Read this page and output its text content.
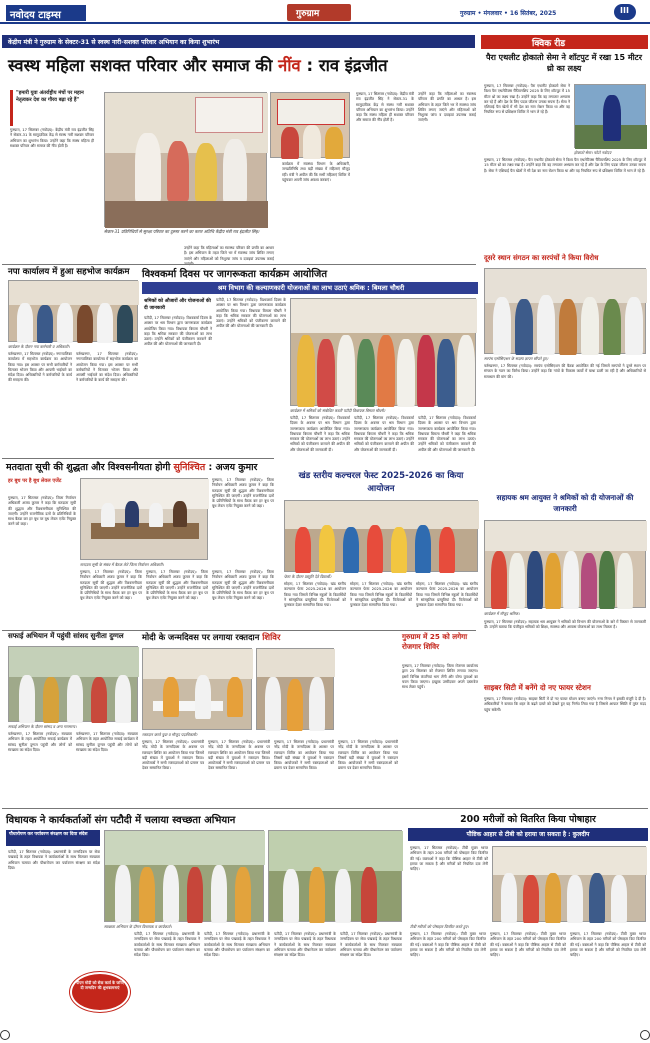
नवोदय टाइम्स	गुरुग्राम	गुरुग्राम • मंगलवार • 16 सितंबर, 2025	III
केंद्रीय मंत्री ने गुरुग्राम के सेक्टर-31 से स्वस्थ नारी-सशक्त परिवार अभियान का किया शुभारंभ
स्वस्थ महिला सशक्त परिवार और समाज की नींव : राव इंद्रजीत
"हमारी युवा अंतर्राष्ट्रीय मंचों पर महान नेतृत्वकर देश का गौरव बढ़ा रहे हैं"
गुरुग्राम, 17 सितम्बर (नवोदय): केंद्रीय मंत्री राव इंद्रजीत सिंह ने सेक्टर-31 के सामुदायिक केंद्र से स्वस्थ नारी सशक्त परिवार अभियान का शुभारंभ किया। उन्होंने कहा कि स्वस्थ महिला ही सशक्त परिवार और समाज की नींव होती है।
सेक्टर-31 प्रतिनिधियों से सुरक्षा परिवार का दुरुस्त करने का करार अतिथि केंद्रीय मंत्री राव इंद्रजीत सिंह।
उन्होंने कहा कि महिलाओं का स्वास्थ्य परिवार की प्रगति का आधार है। इस अभियान के तहत जिले भर में स्वास्थ्य जांच शिविर लगाए जाएंगे और महिलाओं को निशुल्क जांच व दवाइयां उपलब्ध कराई
कार्यक्रम में स्वास्थ्य विभाग के अधिकारी, जनप्रतिनिधि तथा बड़ी संख्या में महिलाएं मौजूद रहीं। मंत्री ने अपील की कि सभी महिलाएं शिविर में पहुंचकर अपनी जांच अवश्य करवाएं।
गुरुग्राम, 17 सितम्बर (नवोदय): केंद्रीय मंत्री राव इंद्रजीत सिंह ने सेक्टर-31 के सामुदायिक केंद्र से स्वस्थ नारी सशक्त परिवार अभियान का शुभारंभ किया। उन्होंने कहा कि स्वस्थ महिला ही सशक्त परिवार और समाज की नींव होती है।
उन्होंने कहा कि महिलाओं का स्वास्थ्य परिवार की प्रगति का आधार है। इस अभियान के तहत जिले भर में स्वास्थ्य जांच शिविर लगाए जाएंगे और महिलाओं को निशुल्क जांच व दवाइयां उपलब्ध कराई जाएंगी।
क्विक रीड
पैरा एथलीट होकातो सेमा ने शॉटपुट में रखा 15 मीटर थ्रो का लक्ष्य
गुरुग्राम, 17 सितम्बर (नवोदय): पैरा एथलीट होकातो सेमा ने विश्व पैरा एथलेटिक्स चैंपियनशिप 2025 के लिए शॉटपुट में 15 मीटर थ्रो का लक्ष्य रखा है। उन्होंने कहा कि वह लगातार अभ्यास कर रहे हैं और देश के लिए पदक जीतना उनका सपना है। सेमा ने एशियाई पैरा खेलों में भी देश का नाम रोशन किया था और वह नियमित रूप से प्रशिक्षण शिविर में भाग ले रहे हैं।
होकातो सेमा। फोटो नवोदय
गुरुग्राम, 17 सितम्बर (नवोदय): पैरा एथलीट होकातो सेमा ने विश्व पैरा एथलेटिक्स चैंपियनशिप 2025 के लिए शॉटपुट में 15 मीटर थ्रो का लक्ष्य रखा है। उन्होंने कहा कि वह लगातार अभ्यास कर रहे हैं और देश के लिए पदक जीतना उनका सपना है। सेमा ने एशियाई पैरा खेलों में भी देश का नाम रोशन किया था और वह नियमित रूप से प्रशिक्षण शिविर में भाग ले रहे हैं।
दूसरे स्थान संगठन का सरपंचों ने किया विरोध
सरपंच एसोसिएशन के सदस्य ज्ञापन सौंपते हुए।
फर्रुखनगर, 17 सितम्बर (नवोदय): सरपंच एसोसिएशन की बैठक आयोजित की गई जिसमें सरपंचों ने दूसरे स्थान पर संगठन के गठन का विरोध किया। उन्होंने कहा कि गांवों के विकास कार्यों में बाधा डाली जा रही है और अधिकारियों से समाधान की मांग की।
सहायक श्रम आयुक्त ने श्रमिकों को दी योजनाओं की जानकारी
कार्यक्रम में मौजूद श्रमिक।
गुरुग्राम, 17 सितम्बर (नवोदय): सहायक श्रम आयुक्त ने श्रमिकों को विभाग की योजनाओं के बारे में विस्तार से जानकारी दी। उन्होंने बताया कि पंजीकृत श्रमिकों को शिक्षा, स्वास्थ्य और आवास योजनाओं का लाभ मिलता है।
साइबर सिटी में बनेंगे दो नए फायर स्टेशन
गुरुग्राम, 17 सितम्बर (नवोदय): साइबर सिटी में दो नए फायर स्टेशन बनाए जाएंगे। नगर निगम ने इसकी मंजूरी दे दी है। अधिकारियों ने बताया कि शहर के बढ़ते दायरे को देखते हुए यह निर्णय लिया गया है जिससे आपात स्थिति में तुरंत मदद पहुंच सकेगी।
नपा कार्यालय में हुआ सहभोज कार्यक्रम
कार्यक्रम के दौरान नपा कर्मचारी व अधिकारी।
फर्रुखनगर, 17 सितम्बर (नवोदय): नगरपालिका कार्यालय में सहभोज कार्यक्रम का आयोजन किया गया। इस अवसर पर सभी कर्मचारियों ने मिलकर भोजन किया और आपसी भाईचारे का संदेश दिया। अधिकारियों ने कर्मचारियों के कार्य की सराहना की।
फर्रुखनगर, 17 सितम्बर (नवोदय): नगरपालिका कार्यालय में सहभोज कार्यक्रम का आयोजन किया गया। इस अवसर पर सभी कर्मचारियों ने मिलकर भोजन किया और आपसी भाईचारे का संदेश दिया। अधिकारियों ने कर्मचारियों के कार्य की सराहना की।
विश्वकर्मा दिवस पर जागरूकता कार्यक्रम आयोजित
श्रम विभाग की कल्याणकारी योजनाओं का लाभ उठाएं श्रमिक : बिमला चौधरी
श्रमिकों को औजारों और योजनाओं की दी जानकारी
पटौदी, 17 सितम्बर (नवोदय): विश्वकर्मा दिवस के अवसर पर श्रम विभाग द्वारा जागरूकता कार्यक्रम आयोजित किया गया। विधायक बिमला चौधरी ने कहा कि श्रमिक सरकार की योजनाओं का लाभ उठाएं। उन्होंने श्रमिकों को पंजीकरण करवाने की अपील की और योजनाओं की जानकारी दी।
पटौदी, 17 सितम्बर (नवोदय): विश्वकर्मा दिवस के अवसर पर श्रम विभाग द्वारा जागरूकता कार्यक्रम आयोजित किया गया। विधायक बिमला चौधरी ने कहा कि श्रमिक सरकार की योजनाओं का लाभ उठाएं। उन्होंने श्रमिकों को पंजीकरण करवाने की अपील की और योजनाओं की जानकारी दी।
कार्यक्रम में श्रमिकों को संबोधित करती पटौदी विधायक बिमला चौधरी।
पटौदी, 17 सितम्बर (नवोदय): विश्वकर्मा दिवस के अवसर पर श्रम विभाग द्वारा जागरूकता कार्यक्रम आयोजित किया गया। विधायक बिमला चौधरी ने कहा कि श्रमिक सरकार की योजनाओं का लाभ उठाएं। उन्होंने श्रमिकों को पंजीकरण करवाने की अपील की और योजनाओं की जानकारी दी।
पटौदी, 17 सितम्बर (नवोदय): विश्वकर्मा दिवस के अवसर पर श्रम विभाग द्वारा जागरूकता कार्यक्रम आयोजित किया गया। विधायक बिमला चौधरी ने कहा कि श्रमिक सरकार की योजनाओं का लाभ उठाएं। उन्होंने श्रमिकों को पंजीकरण करवाने की अपील की और योजनाओं की जानकारी दी।
पटौदी, 17 सितम्बर (नवोदय): विश्वकर्मा दिवस के अवसर पर श्रम विभाग द्वारा जागरूकता कार्यक्रम आयोजित किया गया। विधायक बिमला चौधरी ने कहा कि श्रमिक सरकार की योजनाओं का लाभ उठाएं। उन्होंने श्रमिकों को पंजीकरण करवाने की अपील की और योजनाओं की जानकारी दी।
मतदाता सूची की शुद्धता और विश्वसनीयता होगी सुनिश्चित : अजय कुमार
हर बूथ पर है बूथ लेवल एजेंट
गुरुग्राम, 17 सितम्बर (नवोदय): जिला निर्वाचन अधिकारी अजय कुमार ने कहा कि मतदाता सूची की शुद्धता और विश्वसनीयता सुनिश्चित की जाएगी। उन्होंने राजनीतिक दलों के प्रतिनिधियों के साथ बैठक कर हर बूथ पर बूथ लेवल एजेंट नियुक्त करने को कहा।
मतदाता सूची के संबंध में बैठक लेते जिला निर्वाचन अधिकारी।
गुरुग्राम, 17 सितम्बर (नवोदय): जिला निर्वाचन अधिकारी अजय कुमार ने कहा कि मतदाता सूची की शुद्धता और विश्वसनीयता सुनिश्चित की जाएगी। उन्होंने राजनीतिक दलों के प्रतिनिधियों के साथ बैठक कर हर बूथ पर बूथ लेवल एजेंट नियुक्त करने को कहा।
गुरुग्राम, 17 सितम्बर (नवोदय): जिला निर्वाचन अधिकारी अजय कुमार ने कहा कि मतदाता सूची की शुद्धता और विश्वसनीयता सुनिश्चित की जाएगी। उन्होंने राजनीतिक दलों के प्रतिनिधियों के साथ बैठक कर हर बूथ पर बूथ लेवल एजेंट नियुक्त करने को कहा।
गुरुग्राम, 17 सितम्बर (नवोदय): जिला निर्वाचन अधिकारी अजय कुमार ने कहा कि मतदाता सूची की शुद्धता और विश्वसनीयता सुनिश्चित की जाएगी। उन्होंने राजनीतिक दलों के प्रतिनिधियों के साथ बैठक कर हर बूथ पर बूथ लेवल एजेंट नियुक्त करने को कहा।
गुरुग्राम, 17 सितम्बर (नवोदय): जिला निर्वाचन अधिकारी अजय कुमार ने कहा कि मतदाता सूची की शुद्धता और विश्वसनीयता सुनिश्चित की जाएगी। उन्होंने राजनीतिक दलों के प्रतिनिधियों के साथ बैठक कर हर बूथ पर बूथ लेवल एजेंट नियुक्त करने को कहा।
खंड स्तरीय कल्चरल फेस्ट 2025-2026 का किया आयोजन
फेस्ट के दौरान प्रस्तुति देते विद्यार्थी।
सोहना, 17 सितम्बर (नवोदय): खंड स्तरीय कल्चरल फेस्ट 2025-2026 का आयोजन किया गया जिसमें विभिन्न स्कूलों के विद्यार्थियों ने सांस्कृतिक प्रस्तुतियां दीं। विजेताओं को पुरस्कार देकर सम्मानित किया गया।
सोहना, 17 सितम्बर (नवोदय): खंड स्तरीय कल्चरल फेस्ट 2025-2026 का आयोजन किया गया जिसमें विभिन्न स्कूलों के विद्यार्थियों ने सांस्कृतिक प्रस्तुतियां दीं। विजेताओं को पुरस्कार देकर सम्मानित किया गया।
सोहना, 17 सितम्बर (नवोदय): खंड स्तरीय कल्चरल फेस्ट 2025-2026 का आयोजन किया गया जिसमें विभिन्न स्कूलों के विद्यार्थियों ने सांस्कृतिक प्रस्तुतियां दीं। विजेताओं को पुरस्कार देकर सम्मानित किया गया।
सफाई अभियान में पहुंची सांसद सुनीता दुग्गल
सफाई अभियान के दौरान सांसद व अन्य गणमान्य।
फर्रुखनगर, 17 सितम्बर (नवोदय): स्वच्छता अभियान के तहत आयोजित सफाई कार्यक्रम में सांसद सुनीता दुग्गल पहुंची और लोगों को स्वच्छता का संदेश दिया।
फर्रुखनगर, 17 सितम्बर (नवोदय): स्वच्छता अभियान के तहत आयोजित सफाई कार्यक्रम में सांसद सुनीता दुग्गल पहुंची और लोगों को स्वच्छता का संदेश दिया।
मोदी के जन्मदिवस पर लगाया रक्तदान शिविर
रक्तदान करते युवा व मौजूद पदाधिकारी।
गुरुग्राम, 17 सितम्बर (नवोदय): प्रधानमंत्री नरेंद्र मोदी के जन्मदिवस के अवसर पर रक्तदान शिविर का आयोजन किया गया जिसमें बड़ी संख्या में युवाओं ने रक्तदान किया। आयोजकों ने सभी रक्तदाताओं को प्रमाण पत्र देकर सम्मानित किया।
गुरुग्राम, 17 सितम्बर (नवोदय): प्रधानमंत्री नरेंद्र मोदी के जन्मदिवस के अवसर पर रक्तदान शिविर का आयोजन किया गया जिसमें बड़ी संख्या में युवाओं ने रक्तदान किया। आयोजकों ने सभी रक्तदाताओं को प्रमाण पत्र देकर सम्मानित किया।
गुरुग्राम, 17 सितम्बर (नवोदय): प्रधानमंत्री नरेंद्र मोदी के जन्मदिवस के अवसर पर रक्तदान शिविर का आयोजन किया गया जिसमें बड़ी संख्या में युवाओं ने रक्तदान किया। आयोजकों ने सभी रक्तदाताओं को प्रमाण पत्र देकर सम्मानित किया।
गुरुग्राम, 17 सितम्बर (नवोदय): प्रधानमंत्री नरेंद्र मोदी के जन्मदिवस के अवसर पर रक्तदान शिविर का आयोजन किया गया जिसमें बड़ी संख्या में युवाओं ने रक्तदान किया। आयोजकों ने सभी रक्तदाताओं को प्रमाण पत्र देकर सम्मानित किया।
गुरुग्राम में 25 को लगेगा रोजगार शिविर
गुरुग्राम, 17 सितम्बर (नवोदय): जिला रोजगार कार्यालय द्वारा 25 सितम्बर को रोजगार शिविर लगाया जाएगा। इसमें विभिन्न कंपनियां भाग लेंगी और योग्य युवाओं का चयन किया जाएगा। इच्छुक उम्मीदवार अपने दस्तावेज साथ लेकर पहुंचें।
विधायक ने कार्यकर्ताओं संग पटौदी में चलाया स्वच्छता अभियान
पौधारोपण कर पर्यावरण संरक्षण का दिया संदेश
पटौदी, 17 सितम्बर (नवोदय): प्रधानमंत्री के जन्मदिवस पर सेवा पखवाड़े के तहत विधायक ने कार्यकर्ताओं के साथ मिलकर स्वच्छता अभियान चलाया और पौधारोपण कर पर्यावरण संरक्षण का संदेश दिया।
पीएम मोदी को सेवा कार्य के जरिए दी जन्मदिन की शुभकामनाएं
स्वच्छता अभियान के दौरान विधायक व कार्यकर्ता।
पटौदी, 17 सितम्बर (नवोदय): प्रधानमंत्री के जन्मदिवस पर सेवा पखवाड़े के तहत विधायक ने कार्यकर्ताओं के साथ मिलकर स्वच्छता अभियान चलाया और पौधारोपण कर पर्यावरण संरक्षण का संदेश दिया।
पटौदी, 17 सितम्बर (नवोदय): प्रधानमंत्री के जन्मदिवस पर सेवा पखवाड़े के तहत विधायक ने कार्यकर्ताओं के साथ मिलकर स्वच्छता अभियान चलाया और पौधारोपण कर पर्यावरण संरक्षण का संदेश दिया।
पटौदी, 17 सितम्बर (नवोदय): प्रधानमंत्री के जन्मदिवस पर सेवा पखवाड़े के तहत विधायक ने कार्यकर्ताओं के साथ मिलकर स्वच्छता अभियान चलाया और पौधारोपण कर पर्यावरण संरक्षण का संदेश दिया।
पटौदी, 17 सितम्बर (नवोदय): प्रधानमंत्री के जन्मदिवस पर सेवा पखवाड़े के तहत विधायक ने कार्यकर्ताओं के साथ मिलकर स्वच्छता अभियान चलाया और पौधारोपण कर पर्यावरण संरक्षण का संदेश दिया।
200 मरीजों को वितरित किया पोषाहार
पौष्टिक आहार से टीबी को हराया जा सकता है : कुलदीप
गुरुग्राम, 17 सितम्बर (नवोदय): टीबी मुक्त भारत अभियान के तहत 200 मरीजों को पोषाहार किट वितरित की गई। वक्ताओं ने कहा कि पौष्टिक आहार से टीबी को हराया जा सकता है और मरीजों को नियमित दवा लेनी चाहिए।
टीबी मरीजों को पोषाहार वितरित करते हुए।
गुरुग्राम, 17 सितम्बर (नवोदय): टीबी मुक्त भारत अभियान के तहत 200 मरीजों को पोषाहार किट वितरित की गई। वक्ताओं ने कहा कि पौष्टिक आहार से टीबी को हराया जा सकता है और मरीजों को नियमित दवा लेनी चाहिए।
गुरुग्राम, 17 सितम्बर (नवोदय): टीबी मुक्त भारत अभियान के तहत 200 मरीजों को पोषाहार किट वितरित की गई। वक्ताओं ने कहा कि पौष्टिक आहार से टीबी को हराया जा सकता है और मरीजों को नियमित दवा लेनी चाहिए।
गुरुग्राम, 17 सितम्बर (नवोदय): टीबी मुक्त भारत अभियान के तहत 200 मरीजों को पोषाहार किट वितरित की गई। वक्ताओं ने कहा कि पौष्टिक आहार से टीबी को हराया जा सकता है और मरीजों को नियमित दवा लेनी चाहिए।
